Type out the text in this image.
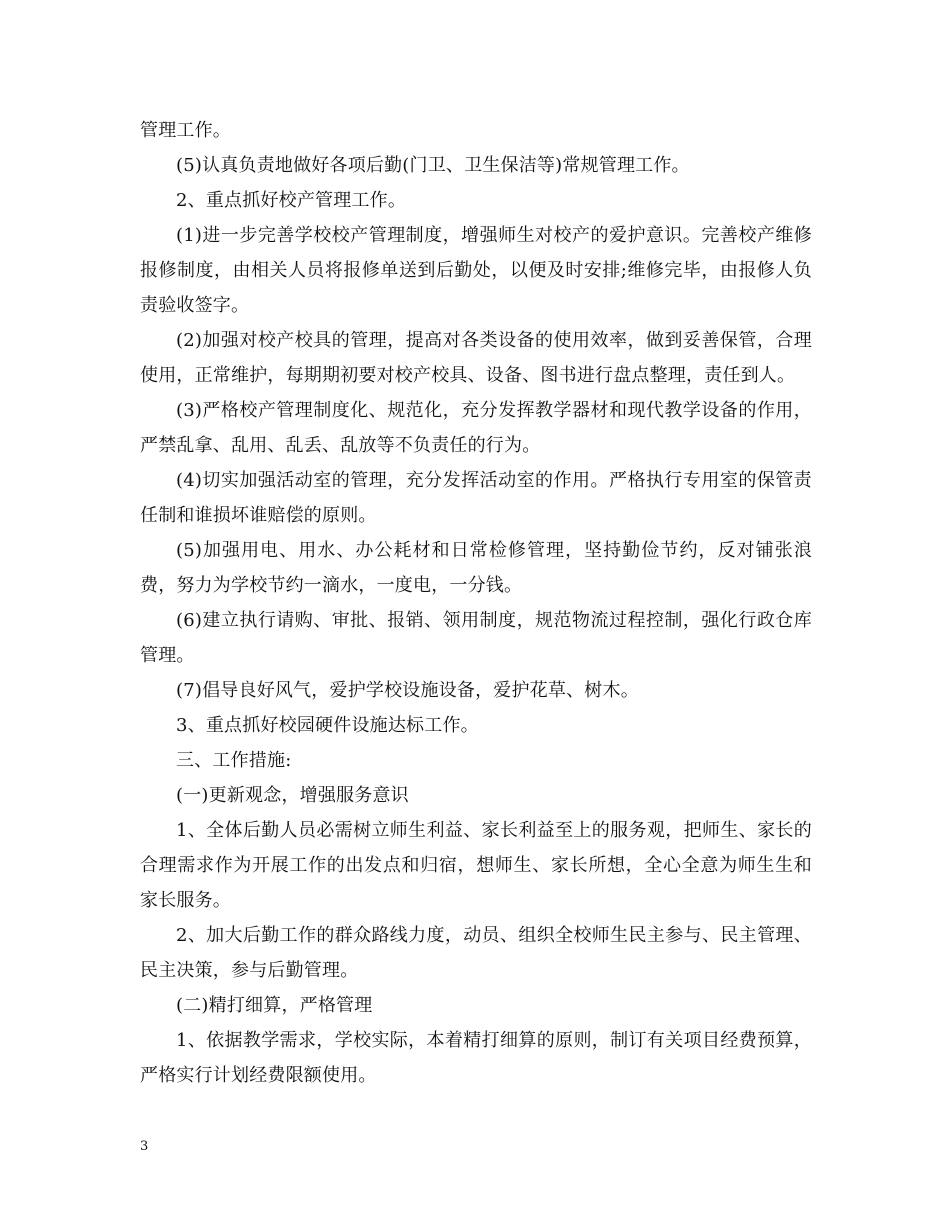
管理工作。

(5)认真负责地做好各项后勤(门卫、卫生保洁等)常规管理工作。

2、重点抓好校产管理工作。

(1)进一步完善学校校产管理制度，增强师生对校产的爱护意识。完善校产维修报修制度，由相关人员将报修单送到后勤处，以便及时安排;维修完毕，由报修人负责验收签字。

(2)加强对校产校具的管理，提高对各类设备的使用效率，做到妥善保管，合理使用，正常维护，每期期初要对校产校具、设备、图书进行盘点整理，责任到人。

(3)严格校产管理制度化、规范化，充分发挥教学器材和现代教学设备的作用，严禁乱拿、乱用、乱丢、乱放等不负责任的行为。

(4)切实加强活动室的管理，充分发挥活动室的作用。严格执行专用室的保管责任制和谁损坏谁赔偿的原则。

(5)加强用电、用水、办公耗材和日常检修管理，坚持勤俭节约，反对铺张浪费，努力为学校节约一滴水，一度电，一分钱。

(6)建立执行请购、审批、报销、领用制度，规范物流过程控制，强化行政仓库管理。

(7)倡导良好风气，爱护学校设施设备，爱护花草、树木。

3、重点抓好校园硬件设施达标工作。

三、工作措施:

(一)更新观念，增强服务意识

1、全体后勤人员必需树立师生利益、家长利益至上的服务观，把师生、家长的合理需求作为开展工作的出发点和归宿，想师生、家长所想，全心全意为师生生和家长服务。

2、加大后勤工作的群众路线力度，动员、组织全校师生民主参与、民主管理、民主决策，参与后勤管理。

(二)精打细算，严格管理

1、依据教学需求，学校实际，本着精打细算的原则，制订有关项目经费预算，严格实行计划经费限额使用。

3
